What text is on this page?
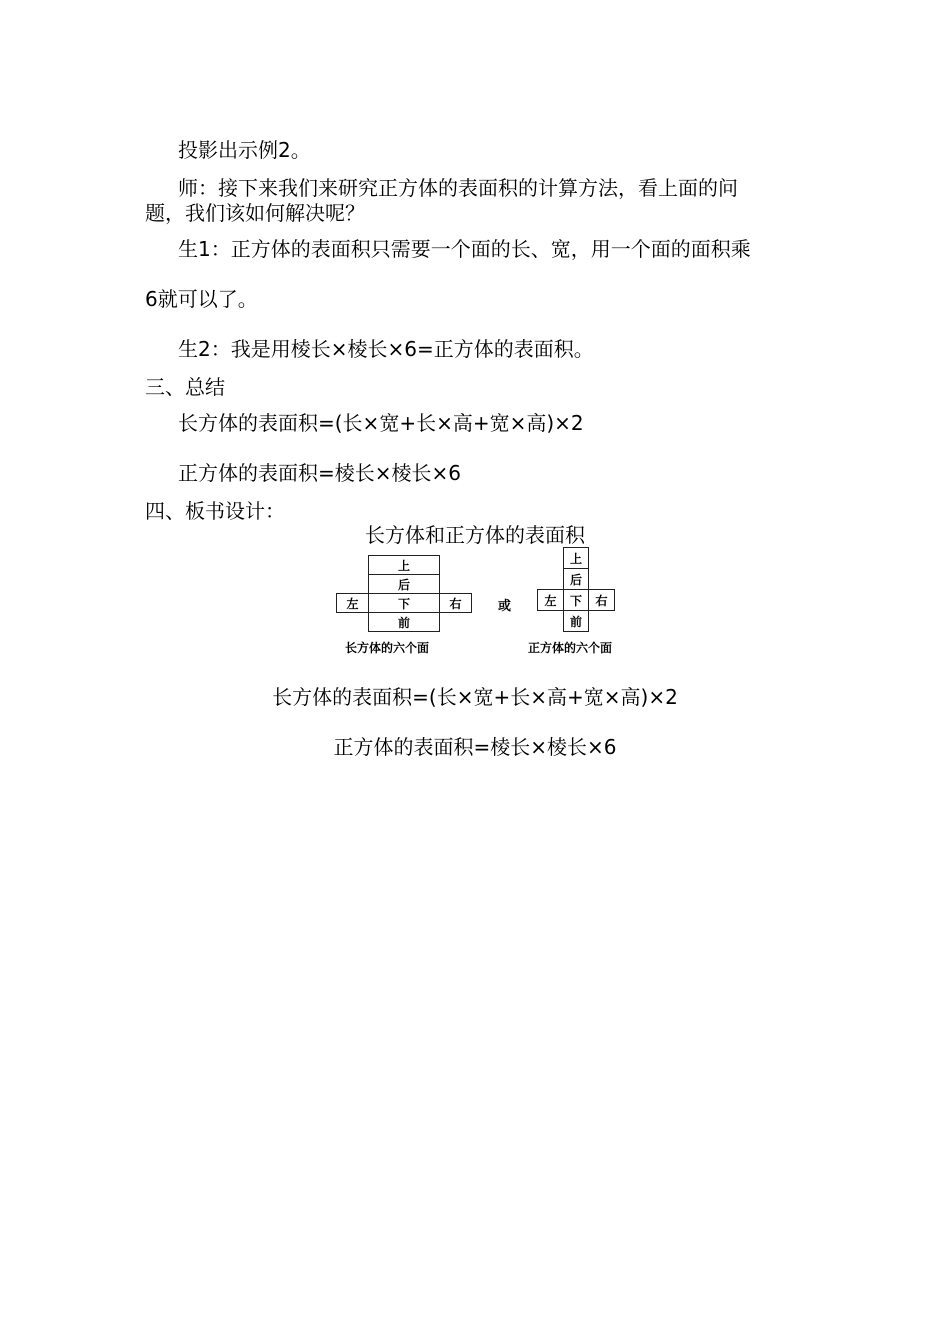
投影出示例2。
师：接下来我们来研究正方体的表面积的计算方法，看上面的问
题，我们该如何解决呢？
生1：正方体的表面积只需要一个面的长、宽，用一个面的面积乘
6就可以了。
生2：我是用棱长×棱长×6=正方体的表面积。
三、总结
长方体的表面积=(长×宽+长×高+宽×高)×2
正方体的表面积=棱长×棱长×6
四、板书设计：
长方体和正方体的表面积
上
后
左	下	右
前
长方体的六个面
或
上
后
左	下	右
前
正方体的六个面
长方体的表面积=(长×宽+长×高+宽×高)×2
正方体的表面积=棱长×棱长×6
